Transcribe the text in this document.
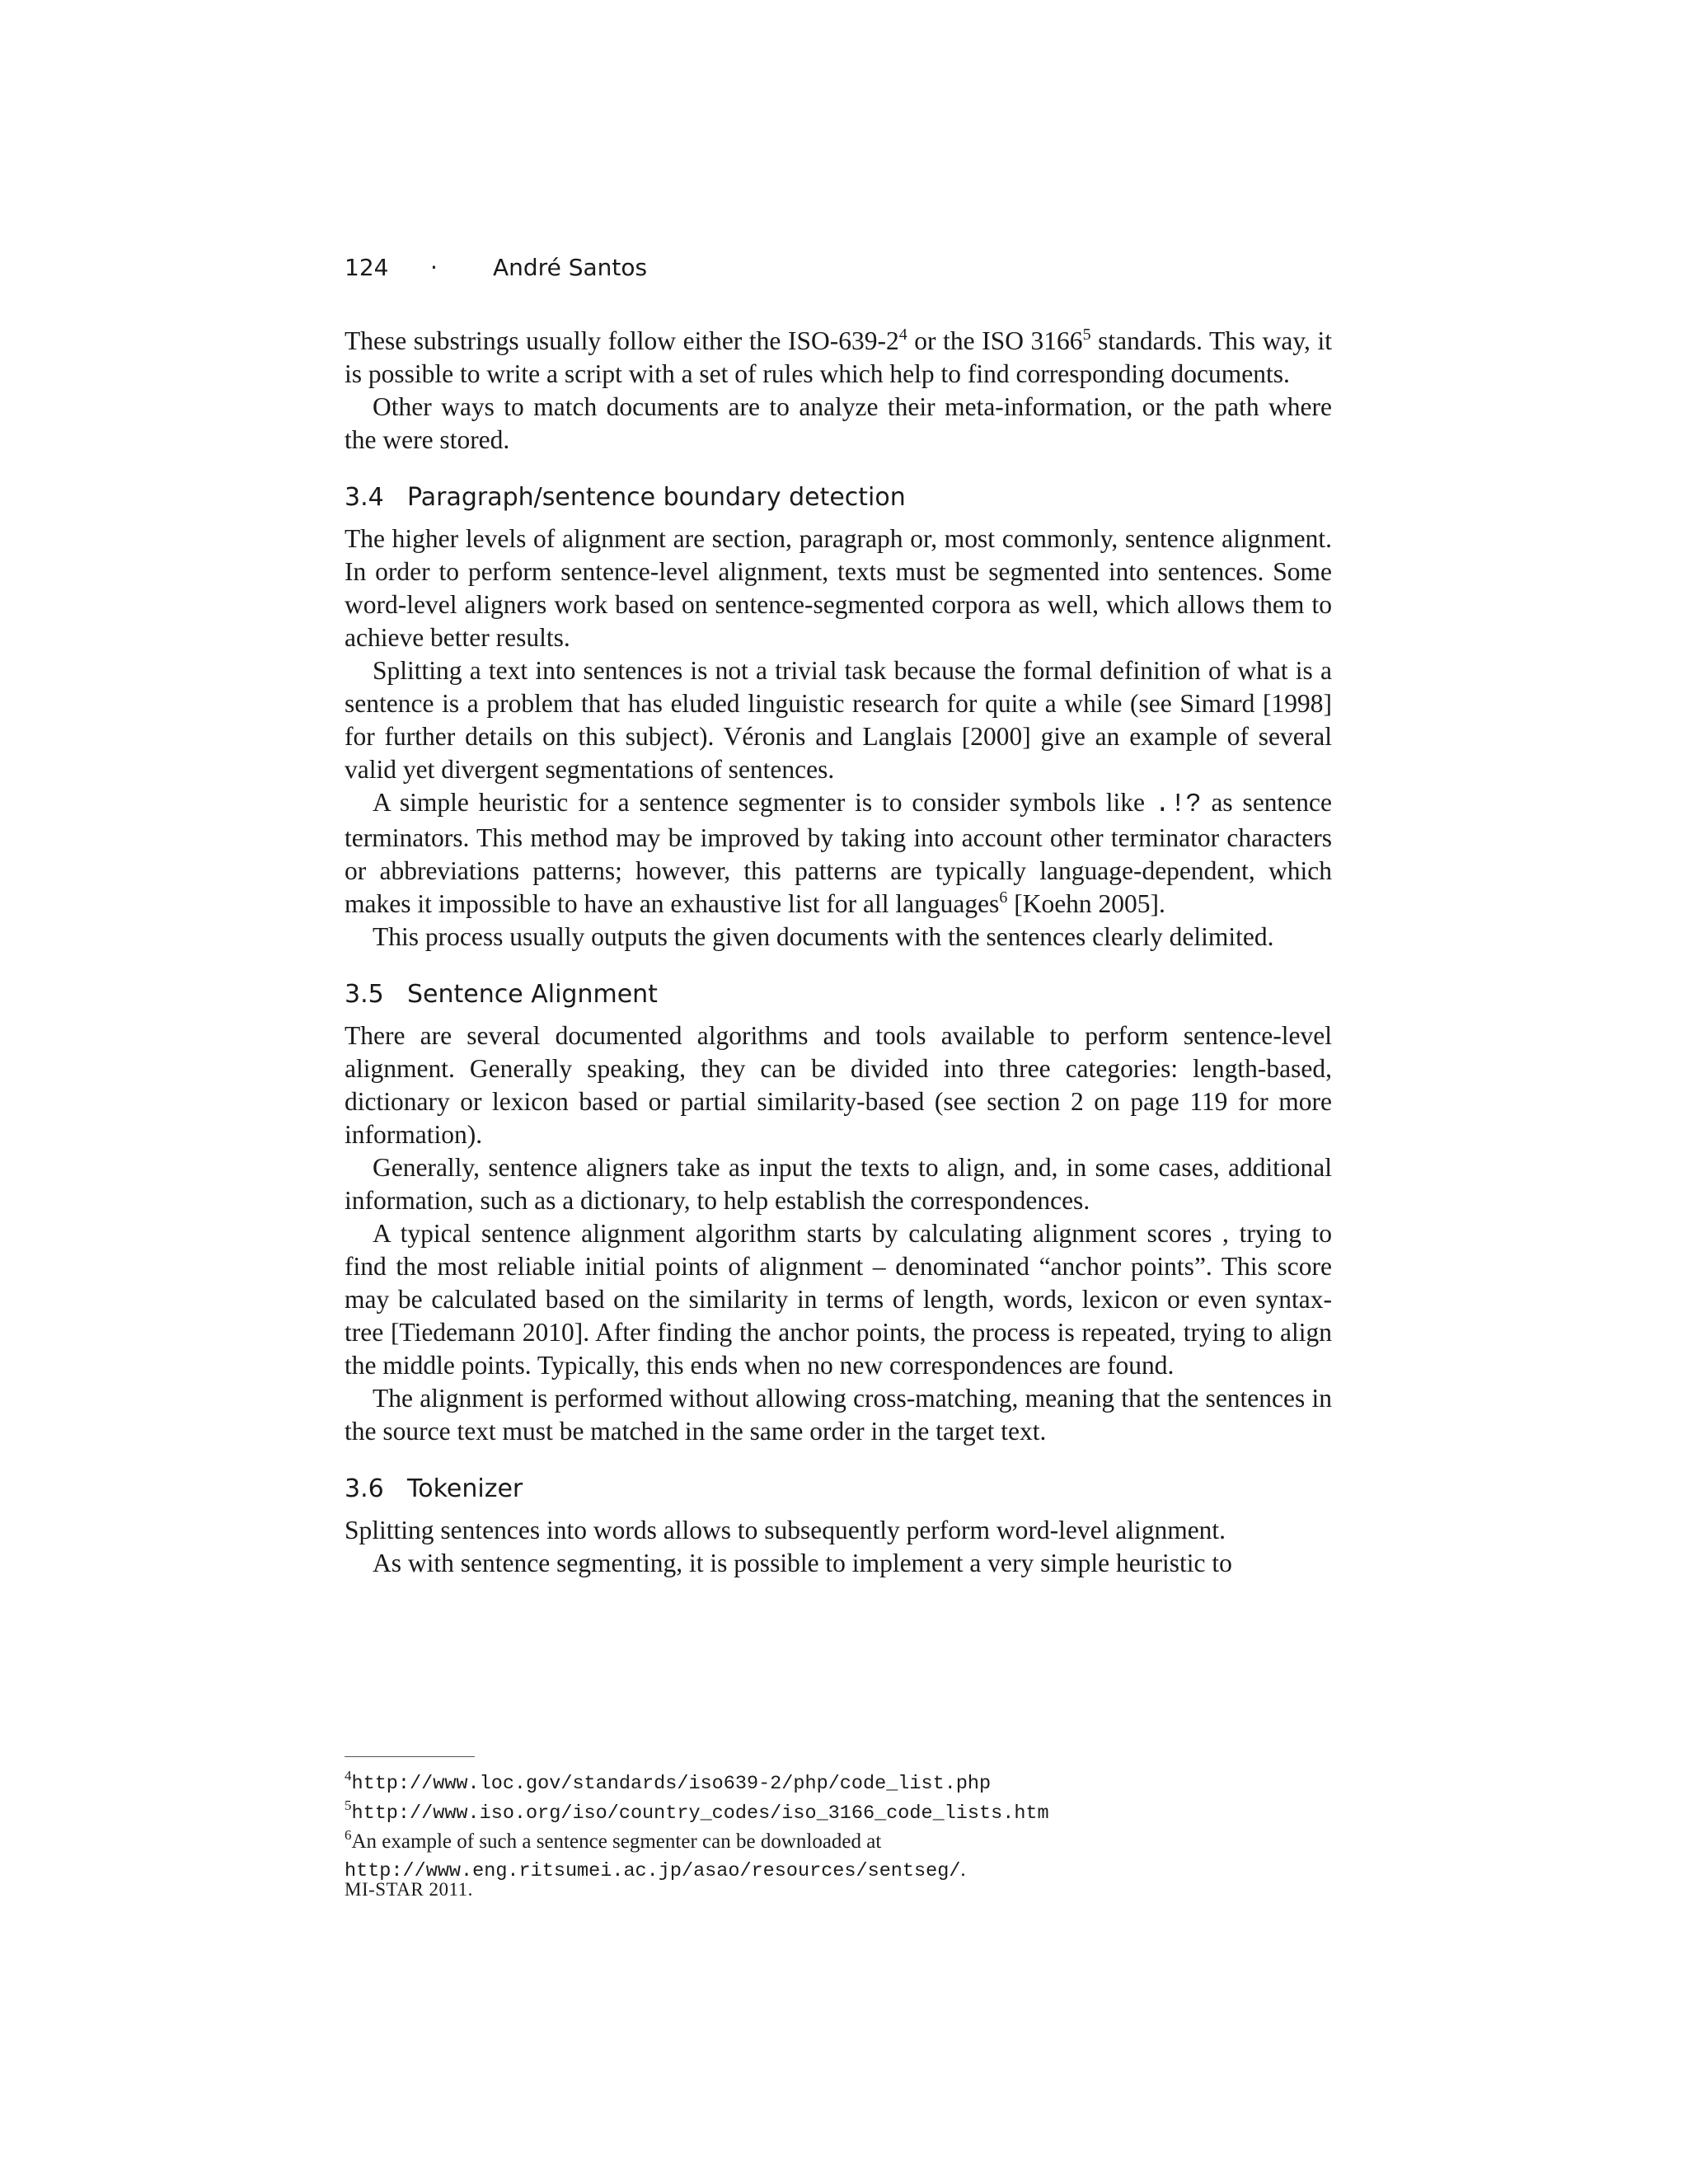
124 · André Santos

These substrings usually follow either the ISO-$639-2^4$ or the ISO 3166$^5$ standards. This way, it is possible to write a script with a set of rules which help to find corresponding documents.

Other ways to match documents are to analyze their meta-information, or the path where the were stored.

3.4 Paragraph/sentence boundary detection

The higher levels of alignment are section, paragraph or, most commonly, sentence alignment. In order to perform sentence-level alignment, texts must be segmented into sentences. Some word-level aligners work based on sentence-segmented corpora as well, which allows them to achieve better results.

Splitting a text into sentences is not a trivial task because the formal definition of what is a sentence is a problem that has eluded linguistic research for quite a while (see Simard [1998] for further details on this subject). Véronis and Langlais [2000] give an example of several valid yet divergent segmentations of sentences.

A simple heuristic for a sentence segmenter is to consider symbols like .!? as sentence terminators. This method may be improved by taking into account other terminator characters or abbreviations patterns; however, this patterns are typically language-dependent, which makes it impossible to have an exhaustive list for all languages$^6$ [Koehn 2005].

This process usually outputs the given documents with the sentences clearly delimited.

3.5 Sentence Alignment

There are several documented algorithms and tools available to perform sentence-level alignment. Generally speaking, they can be divided into three categories: length-based, dictionary or lexicon based or partial similarity-based (see section 2 on page 119 for more information).

Generally, sentence aligners take as input the texts to align, and, in some cases, additional information, such as a dictionary, to help establish the correspondences.

A typical sentence alignment algorithm starts by calculating alignment scores , trying to find the most reliable initial points of alignment – denominated “anchor points”. This score may be calculated based on the similarity in terms of length, words, lexicon or even syntax-tree [Tiedemann 2010]. After finding the anchor points, the process is repeated, trying to align the middle points. Typically, this ends when no new correspondences are found.

The alignment is performed without allowing cross-matching, meaning that the sentences in the source text must be matched in the same order in the target text.

3.6 Tokenizer

Splitting sentences into words allows to subsequently perform word-level alignment.

As with sentence segmenting, it is possible to implement a very simple heuristic to

$^4$http://www.loc.gov/standards/iso639-2/php/code_list.php

$^5$http://www.iso.org/iso/country_codes/iso_3166_code_lists.htm

$^6$An example of such a sentence segmenter can be downloaded at

http://www.eng.ritsumei.ac.jp/asao/resources/sentseg/.

MI-STAR 2011.
